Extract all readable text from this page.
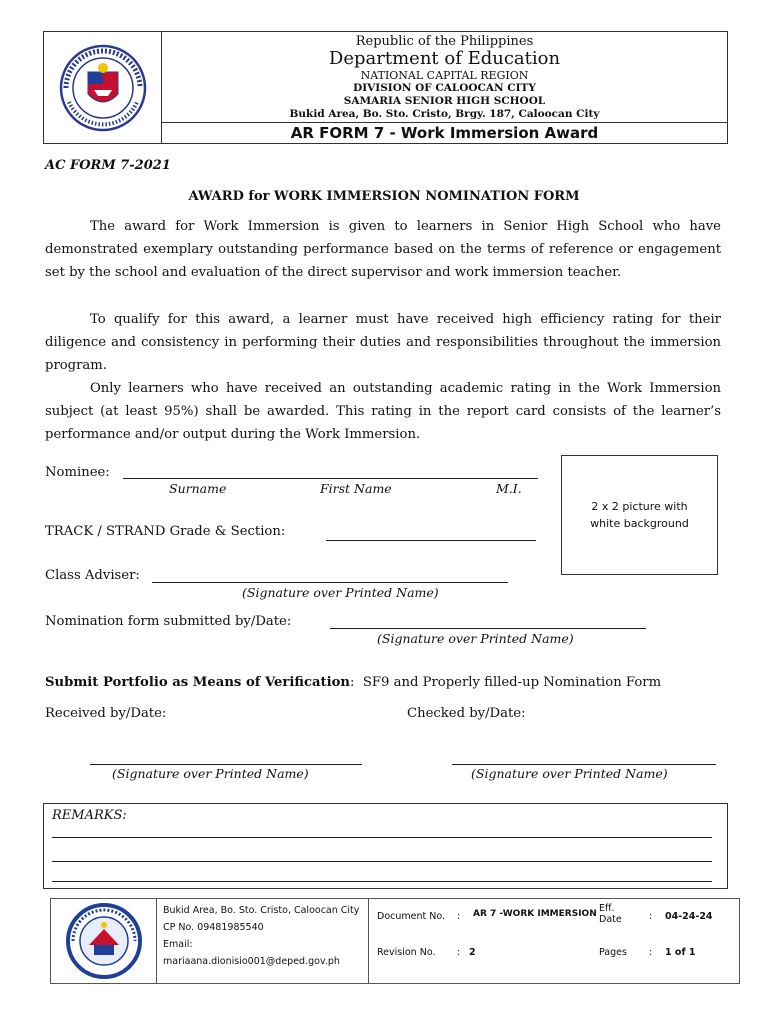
Republic of the Philippines
Department of Education
NATIONAL CAPITAL REGION
DIVISION OF CALOOCAN CITY
SAMARIA SENIOR HIGH SCHOOL
Bukid Area, Bo. Sto. Cristo, Brgy. 187, Caloocan City
AR FORM 7 - Work Immersion Award
AC FORM 7-2021
AWARD for WORK IMMERSION NOMINATION FORM
The award for Work Immersion is given to learners in Senior High School who have demonstrated exemplary outstanding performance based on the terms of reference or engagement set by the school and evaluation of the direct supervisor and work immersion teacher.
To qualify for this award, a learner must have received high efficiency rating for their diligence and consistency in performing their duties and responsibilities throughout the immersion program.
Only learners who have received an outstanding academic rating in the Work Immersion subject (at least 95%) shall be awarded. This rating in the report card consists of the learner’s performance and/or output during the Work Immersion.
Nominee:
Surname	First Name	M.I.
2 x 2 picture with white background
TRACK / STRAND Grade & Section:
Class Adviser:
(Signature over Printed Name)
Nomination form submitted by/Date:
(Signature over Printed Name)
Submit Portfolio as Means of Verification:  SF9 and Properly filled-up Nomination Form
Received by/Date:	Checked by/Date:
(Signature over Printed Name)	(Signature over Printed Name)
REMARKS:
Bukid Area, Bo. Sto. Cristo, Caloocan City
CP No. 09481985540
Email:
mariaana.dionisio001@deped.gov.ph
Document No. : AR 7 -WORK IMMERSION Eff. Date	: 04-24-24
Revision No. : 2	Pages : 1 of 1
